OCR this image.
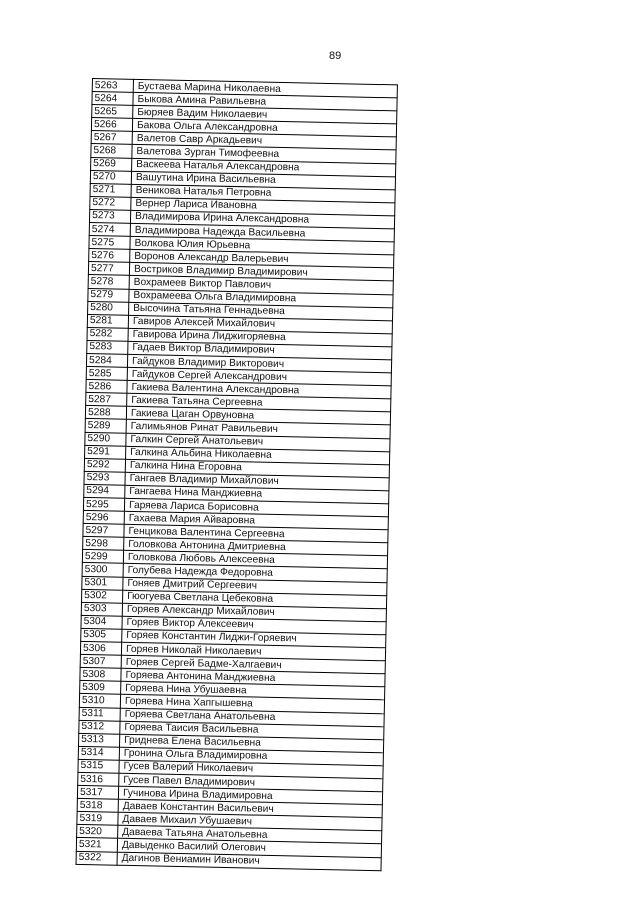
89
5263	Бустаева Марина Николаевна
5264	Быкова Амина Равильевна
5265	Бюряев Вадим Николаевич
5266	Бакова Ольга Александровна
5267	Валетов Савр Аркадьевич
5268	Валетова Зурган Тимофеевна
5269	Васкеева Наталья Александровна
5270	Вашутина Ирина Васильевна
5271	Веникова Наталья Петровна
5272	Вернер Лариса Ивановна
5273	Владимирова Ирина Александровна
5274	Владимирова Надежда Васильевна
5275	Волкова Юлия Юрьевна
5276	Воронов Александр Валерьевич
5277	Востриков Владимир Владимирович
5278	Вохрамеев Виктор Павлович
5279	Вохрамеева Ольга Владимировна
5280	Высочина Татьяна Геннадьевна
5281	Гавиров Алексей Михайлович
5282	Гавирова Ирина Лиджигоряевна
5283	Гадаев Виктор Владимирович
5284	Гайдуков Владимир Викторович
5285	Гайдуков Сергей Александрович
5286	Гакиева Валентина Александровна
5287	Гакиева Татьяна Сергеевна
5288	Гакиева Цаган Орвуновна
5289	Галимьянов Ринат Равильевич
5290	Галкин Сергей Анатольевич
5291	Галкина Альбина Николаевна
5292	Галкина Нина Егоровна
5293	Гангаев Владимир Михайлович
5294	Гангаева Нина Манджиевна
5295	Гаряева Лариса Борисовна
5296	Гахаева Мария Айваровна
5297	Генцикова Валентина Сергеевна
5298	Головкова Антонина Дмитриевна
5299	Головкова Любовь Алексеевна
5300	Голубева Надежда Федоровна
5301	Гоняев Дмитрий Сергеевич
5302	Гюогуева Светлана Цебековна
5303	Горяев Александр Михайлович
5304	Горяев Виктор Алексеевич
5305	Горяев Константин Лиджи-Горяевич
5306	Горяев Николай Николаевич
5307	Горяев Сергей Бадме-Халгаевич
5308	Горяева Антонина Манджиевна
5309	Горяева Нина Убушаевна
5310	Горяева Нина Хапгышевна
5311	Горяева Светлана Анатольевна
5312	Горяева Таисия Васильевна
5313	Гриднева Елена Васильевна
5314	Гронина Ольга Владимировна
5315	Гусев Валерий Николаевич
5316	Гусев Павел Владимирович
5317	Гучинова Ирина Владимировна
5318	Даваев Константин Васильевич
5319	Даваев Михаил Убушаевич
5320	Даваева Татьяна Анатольевна
5321	Давыденко Василий Олегович
5322	Дагинов Вениамин Иванович
